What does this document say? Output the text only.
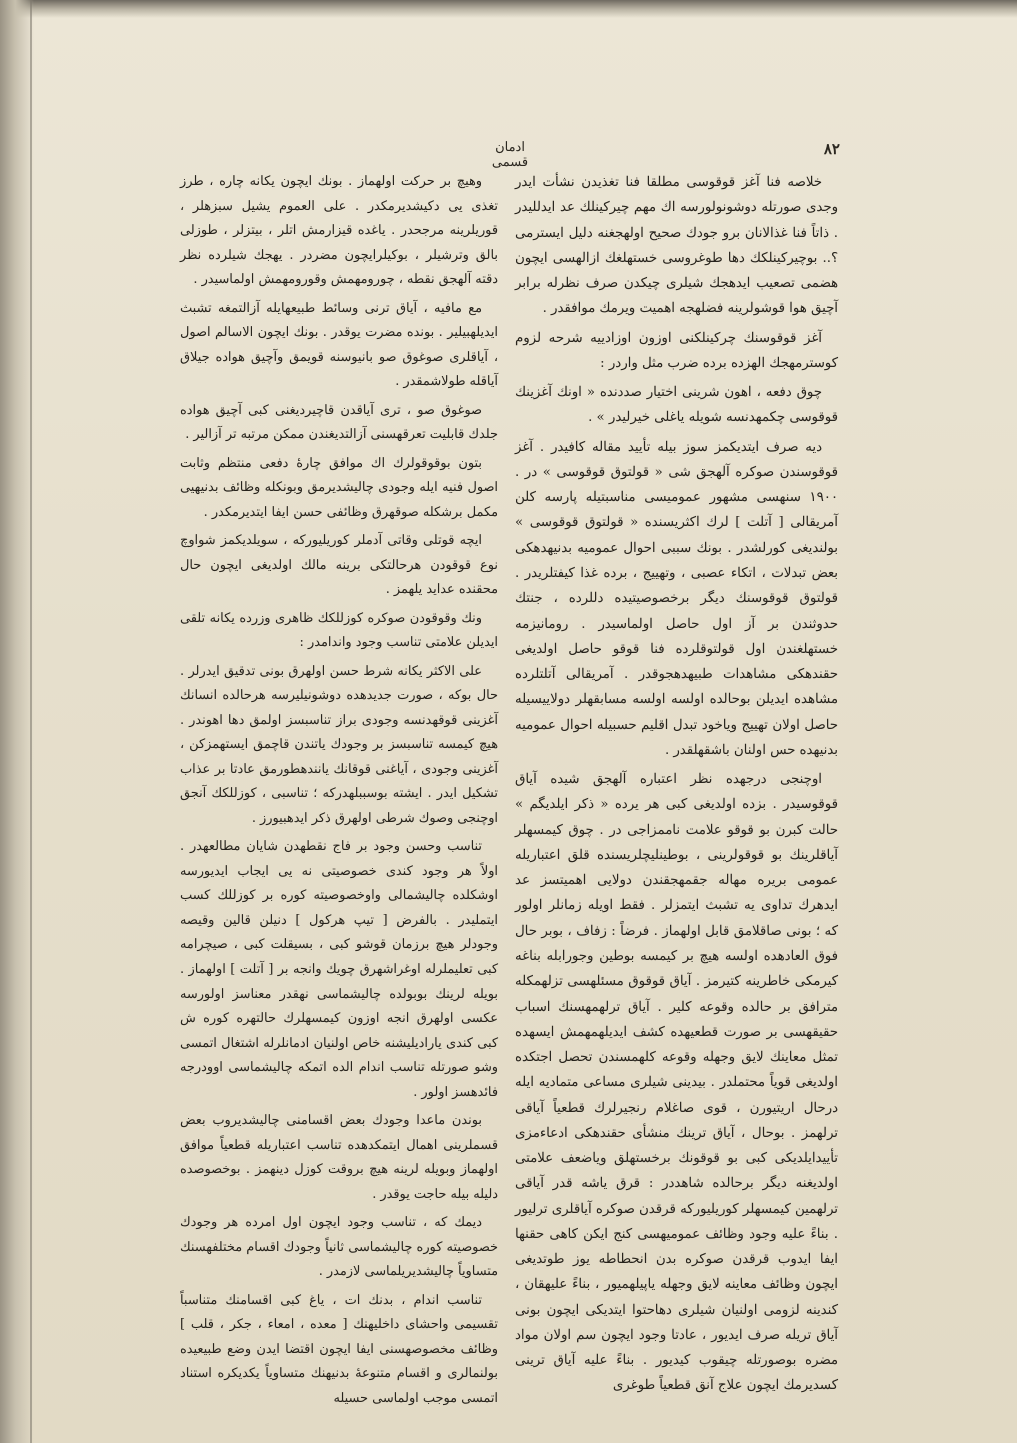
ادمان قسمی
۸۲

خلاصه فنا آغز قوقوسی مطلقا فنا تغذیدن نشأت ایدر وجدی صورتله دوشونولورسه اك مهم چیركینلك عد ایدللیدر . ذاتاً فنا غذالانان برو جودك صحیح اولهجغنه دلیل ایسترمی ؟.. بوچیركینلكك دها طوغروسی خستهلغك ازالهسی ایچون هضمی تصعیب ایدهجك شیلری چیكدن صرف نظرله برابر آچیق هوا قوشولرینه فضلهجه اهمیت ویرمك موافقدر .

آغز قوقوسنك چركینلكنی اوزون اوزادییه شرحه لزوم كوسترمهجك الهزده برده ضرب مثل واردر :

چوق دفعه ، اهون شرینی اختیار صددنده « اونك آغزینك قوقوسی چكمهدنسه شویله یاغلی خیرلیدر » .

دیه صرف ایتدیكمز سوز بیله تأیید مقاله كافیدر . آغز قوقوسندن صوكره آلهجق شی « قولتوق قوقوسی » در . ۱۹۰۰ سنهسی مشهور عمومیسی مناسبتیله پارسه كلن آمریقالی [ آتلت ] لرك اكثریسنده « قولتوق قوقوسی » بولندیغی كورلشدر . بونك سببی احوال عمومیه بدنیهدهكی بعض تبدلات ، اتكاء عصبی ، وتهییج ، برده غذا كیفتلریدر . قولتوق قوقوسنك دیگر برخصوصیتیده دللرده ، جنتك حدوثندن بر آز اول حاصل اولماسیدر . رومانیزمه خستهلغندن اول قولتوقلرده فنا قوقو حاصل اولدیغی حقندهكی مشاهدات طبیهدهجوقدر . آمریقالی آتلتلرده مشاهده ایدیلن بوحالده اولسه اولسه مسابقهلر دولاییسیله حاصل اولان تهییج ویاخود تبدل اقلیم حسبیله احوال عمومیه بدنیهده حس اولنان باشقهلقدر .

اوچنجی درجهده نظر اعتباره آلهجق شیده آیاق قوقوسیدر . بزده اولدیغی كبی هر یرده « ذكر ایلدیگم » حالت كبرن بو قوقو علامت ناممزاجی در . چوق كیمسهلر آیاقلرینك بو قوقولرینی ، بوطینلیچلریسنده قلق اعتباریله عمومی بریره مهاله جقمهجقندن دولایی اهمیتسز عد ایدهرك تداوی یه تشبث ایتمزلر . فقط اویله زمانلر اولور كه ؛ بونی صاقلامق قابل اولهماز . فرضاً : زفاف ، بوبر حال فوق العادهده اولسه هیچ بر كیمسه بوطین وجورابله بناغه كیرمكی خاطرینه كتیرمز . آیاق قوقوق مسئلهسی تزلهمكله مترافق بر حالده وقوعه كلیر . آیاق ترلهمهسنك اسباب حقیقهسی بر صورت قطعیهده كشف ایدیلهمهمش ایسهده تمثل معاینك لایق وجهله وقوعه كلهمسندن تحصل اجتكده اولدیغی قویاً محتملدر . بیدینی شیلری مساعی متمادیه ایله درحال اریتیورن ، قوی صاغلام رنجیرلرك قطعیاً آیاقی ترلهمز . بوحال ، آیاق ترینك منشأی حقندهكی ادعاءمزی تأییدایلدیكی كبی بو قوقونك برخستهلق ویاضعف علامتی اولدیغنه دیگر برحالده شاهددر : قرق یاشه قدر آیاقی ترلهمین كیمسهلر كوریلیوركه قرقدن صوكره آیاقلری ترلیور . بناءً علیه وجود وظائف عمومیهسی كنج ایكن كاهی حقنها ایفا ایدوب قرقدن صوكره بدن انحطاطه یوز طوتدیغی ایچون وظائف معاینه لایق وجهله یاپیلهمیور ، بناءً علیهقان ، كندینه لزومی اولنیان شیلری دهاحتوا ایتدیكی ایچون بونی آیاق تریله صرف ایدیور ، عادتا وجود ایچون سم اولان مواد مضره بوصورتله چیقوب كیدیور . بناءً علیه آیاق ترینی كسدیرمك ایچون علاج آنق قطعیاً طوغری

وهیچ بر حركت اولهماز . بونك ایچون یكانه چاره ، طرز تغذی یی دكیشدیرمكدر . علی العموم یشیل سبزهلر ، قوریلرینه مرجحدر . یاغده قیزارمش اتلر ، بیتزلر ، طوزلی بالق وترشیلر ، بوكیلرایچون مضردر . یهجك شیلرده نظر دقته آلهجق نقطه ، چورومهمش وقورومهمش اولماسیدر .

مع مافیه ، آیاق ترنی وسائط طبیعهایله آزالتمغه تشبث ایدیلهبیلیر . بونده مضرت یوقدر . بونك ایچون الاسالم اصول ، آیاقلری صوغوق صو بانیوسنه قویمق وآچیق هواده جیلاق آیاقله طولاشمقدر .

صوغوق صو ، ترى آیاقدن قاچیردیغنی كبی آچیق هواده جلدك قابلیت تعرقهسنی آزالتدیغندن ممكن مرتبه تر آزالیر .

بتون بوقوقولرك اك موافق چارهٔ دفعی منتظم وثابت اصول فنیه ایله وجودی چالیشدیرمق وبونكله وظائف بدنیهیی مكمل برشكله صوقهرق وظائفی حسن ایفا ایتدیرمكدر .

ایچه قوتلی وقاتی آدملر كوریلیوركه ، سویلدیكمز شواوچ نوع قوقودن هرحالتكی برینه مالك اولدیغی ایچون حال محقنده عداید یلهمز .

ونك وقوقودن صوكره كوزللكك ظاهری وزرده یكانه تلقی ایدیلن علامتی تناسب وجود واندامدر :

علی الاكثر یكانه شرط حسن اولهرق بونی تدقیق ایدرلر . حال بوكه ، صورت جدیدهده دوشونیلیرسه هرحالده انسانك آغزینی قوقهدنسه وجودی براز تناسبسز اولمق دها اهوندر . هیچ كیمسه تناسبسز بر وجودك یاتندن قاچمق ایستهمزكن ، آغزینی وجودی ، آیاغنی قوقانك یانندهطورمق عادتا بر عذاب تشكیل ایدر . ایشته بوسببلهدركه ؛ تناسبی ، كوزللكك آنجق اوچنجی وصوك شرطی اولهرق ذكر ایدهبیورز .

تناسب وحسن وجود بر فاج نقطهدن شایان مطالعهدر . اولاً هر وجود كندی خصوصیتی نه یی ایجاب ایدیورسه اوشكلده چالیشمالی واوخصوصیته كوره بر كوزللك كسب ایتملیدر . بالفرض [ تیپ هركول ] دنیلن قالین وقیصه وجودلر هیچ برزمان قوشو كبی ، بسیقلت كبی ، صیچرامه كبی تعلیملرله اوغراشهرق چویك وانجه بر [ آتلت ] اولهماز . بویله لرینك بوبولده چالیشماسی نهقدر معناسز اولورسه عكسی اولهرق انجه اوزون كیمسهلرك حالتهره كوره ش كبی كندی یارادیلیشنه خاص اولنیان ادمانلرله اشتغال اتمسی وشو صورتله تناسب اندام الده اتمكه چالیشماسی اوودرجه فائدهسز اولور .

بوندن ماعدا وجودك بعض اقسامنی چالیشدیروب بعض قسملرینی اهمال ایتمكدهده تناسب اعتباریله قطعیاً موافق اولهماز وبویله لرینه هیچ بروقت كوزل دینهمز . بوخصوصده دلیله بیله حاجت یوقدر .

دیمك كه ، تناسب وجود ایچون اول امرده هر وجودك خصوصیته كوره چالیشماسی ثانیاً وجودك اقسام مختلفهسنك متساویاً چالیشدیریلماسی لازمدر .

تناسب اندام ، بدنك ات ، یاغ كبی اقسامنك متناسباً تقسیمی واحشای داخلیهنك [ معده ، امعاء ، جكر ، قلب ] وظائف مخصوصهسنی ایفا ایچون اقتضا ایدن وضع طبیعیده بولنمالری و اقسام متنوعهٔ بدنیهنك متساویاً یكدیكره استناد اتمسی موجب اولماسی حسیله
